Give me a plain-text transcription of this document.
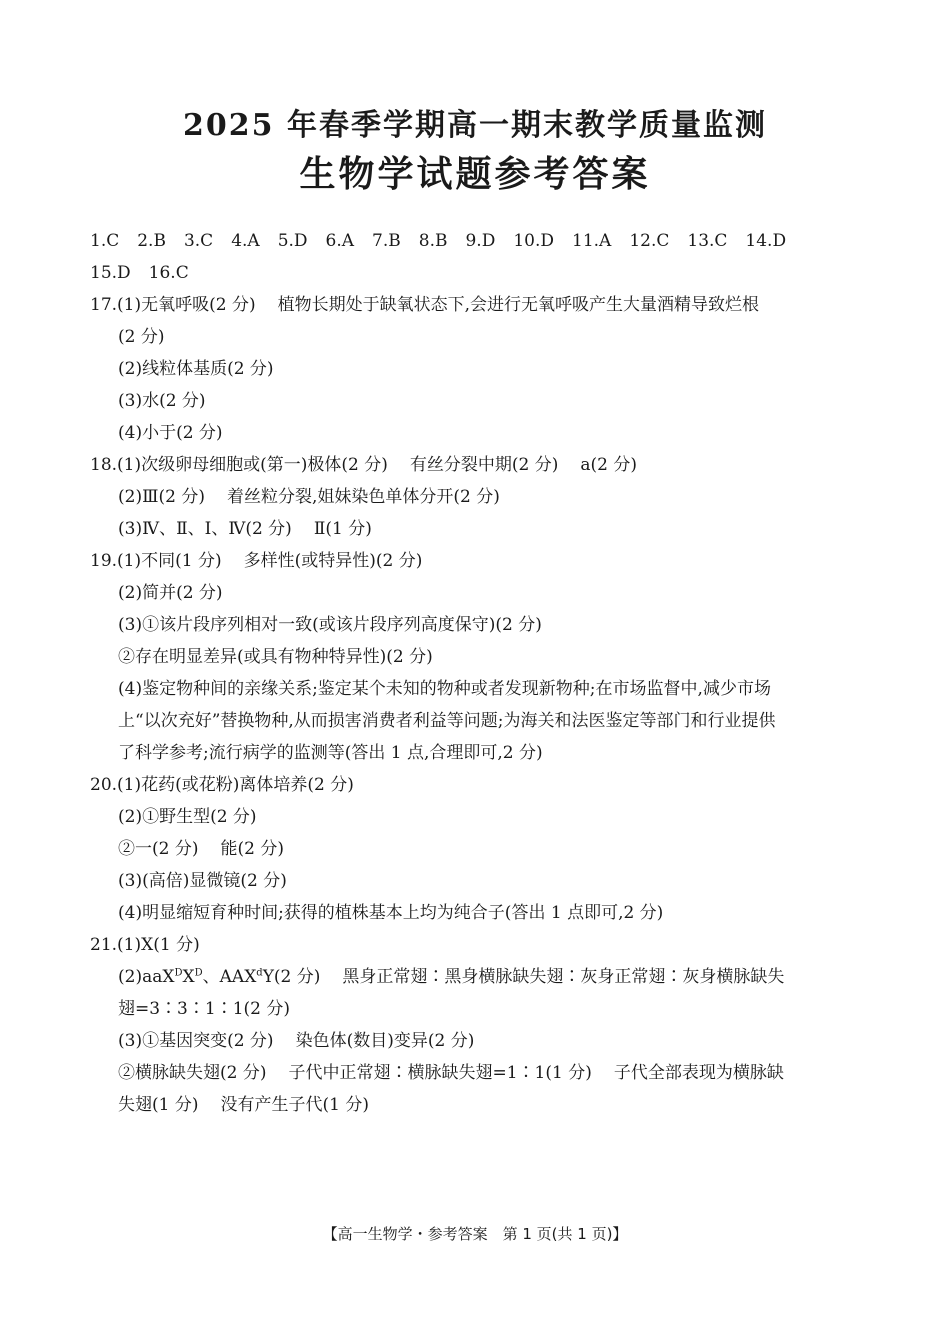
2025 年春季学期高一期末教学质量监测
生物学试题参考答案
1.C 2.B 3.C 4.A 5.D 6.A 7.B 8.B 9.D 10.D 11.A 12.C 13.C 14.D
15.D 16.C
17.(1)无氧呼吸(2 分) 植物长期处于缺氧状态下,会进行无氧呼吸产生大量酒精导致烂根
(2 分)
(2)线粒体基质(2 分)
(3)水(2 分)
(4)小于(2 分)
18.(1)次级卵母细胞或(第一)极体(2 分) 有丝分裂中期(2 分) a(2 分)
(2)Ⅲ(2 分) 着丝粒分裂,姐妹染色单体分开(2 分)
(3)Ⅳ、Ⅱ、Ⅰ、Ⅳ(2 分) Ⅱ(1 分)
19.(1)不同(1 分) 多样性(或特异性)(2 分)
(2)简并(2 分)
(3)①该片段序列相对一致(或该片段序列高度保守)(2 分)
②存在明显差异(或具有物种特异性)(2 分)
(4)鉴定物种间的亲缘关系;鉴定某个未知的物种或者发现新物种;在市场监督中,减少市场
上“以次充好”替换物种,从而损害消费者利益等问题;为海关和法医鉴定等部门和行业提供
了科学参考;流行病学的监测等(答出 1 点,合理即可,2 分)
20.(1)花药(或花粉)离体培养(2 分)
(2)①野生型(2 分)
②一(2 分) 能(2 分)
(3)(高倍)显微镜(2 分)
(4)明显缩短育种时间;获得的植株基本上均为纯合子(答出 1 点即可,2 分)
21.(1)X(1 分)
$(2)aaX^DX^D$、AAX$^d$Y(2 分) 黑身正常翅∶黑身横脉缺失翅∶灰身正常翅∶灰身横脉缺失
翅=3∶3∶1∶1(2 分)
(3)①基因突变(2 分) 染色体(数目)变异(2 分)
②横脉缺失翅(2 分) 子代中正常翅∶横脉缺失翅=1∶1(1 分) 子代全部表现为横脉缺
失翅(1 分) 没有产生子代(1 分)
【高一生物学・参考答案　第 1 页(共 1 页)】
